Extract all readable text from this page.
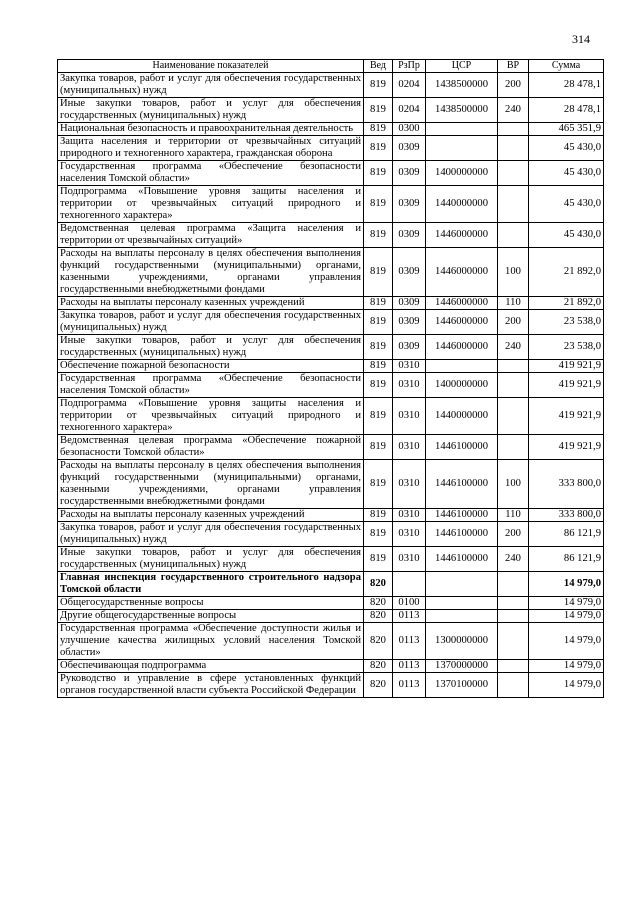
314
Наименование показателей	Вед	РзПр	ЦСР	ВР	Сумма
Закупка товаров, работ и услуг для обеспечения государственных (муниципальных) нужд	819	0204	1438500000	200	28 478,1
Иные закупки товаров, работ и услуг для обеспечения государственных (муниципальных) нужд	819	0204	1438500000	240	28 478,1
Национальная безопасность и правоохранительная деятельность	819	0300			465 351,9
Защита населения и территории от чрезвычайных ситуаций природного и техногенного характера, гражданская оборона	819	0309			45 430,0
Государственная программа «Обеспечение безопасности населения Томской области»	819	0309	1400000000		45 430,0
Подпрограмма «Повышение уровня защиты населения и территории от чрезвычайных ситуаций природного и техногенного характера»	819	0309	1440000000		45 430,0
Ведомственная целевая программа «Защита населения и территории от чрезвычайных ситуаций»	819	0309	1446000000		45 430,0
Расходы на выплаты персоналу в целях обеспечения выполнения функций государственными (муниципальными) органами, казенными учреждениями, органами управления государственными внебюджетными фондами	819	0309	1446000000	100	21 892,0
Расходы на выплаты персоналу казенных учреждений	819	0309	1446000000	110	21 892,0
Закупка товаров, работ и услуг для обеспечения государственных (муниципальных) нужд	819	0309	1446000000	200	23 538,0
Иные закупки товаров, работ и услуг для обеспечения государственных (муниципальных) нужд	819	0309	1446000000	240	23 538,0
Обеспечение пожарной безопасности	819	0310			419 921,9
Государственная программа «Обеспечение безопасности населения Томской области»	819	0310	1400000000		419 921,9
Подпрограмма «Повышение уровня защиты населения и территории от чрезвычайных ситуаций природного и техногенного характера»	819	0310	1440000000		419 921,9
Ведомственная целевая программа «Обеспечение пожарной безопасности Томской области»	819	0310	1446100000		419 921,9
Расходы на выплаты персоналу в целях обеспечения выполнения функций государственными (муниципальными) органами, казенными учреждениями, органами управления государственными внебюджетными фондами	819	0310	1446100000	100	333 800,0
Расходы на выплаты персоналу казенных учреждений	819	0310	1446100000	110	333 800,0
Закупка товаров, работ и услуг для обеспечения государственных (муниципальных) нужд	819	0310	1446100000	200	86 121,9
Иные закупки товаров, работ и услуг для обеспечения государственных (муниципальных) нужд	819	0310	1446100000	240	86 121,9
Главная инспекция государственного строительного надзора Томской области	820				14 979,0
Общегосударственные вопросы	820	0100			14 979,0
Другие общегосударственные вопросы	820	0113			14 979,0
Государственная программа «Обеспечение доступности жилья и улучшение качества жилищных условий населения Томской области»	820	0113	1300000000		14 979,0
Обеспечивающая подпрограмма	820	0113	1370000000		14 979,0
Руководство и управление в сфере установленных функций органов государственной власти субъекта Российской Федерации	820	0113	1370100000		14 979,0
